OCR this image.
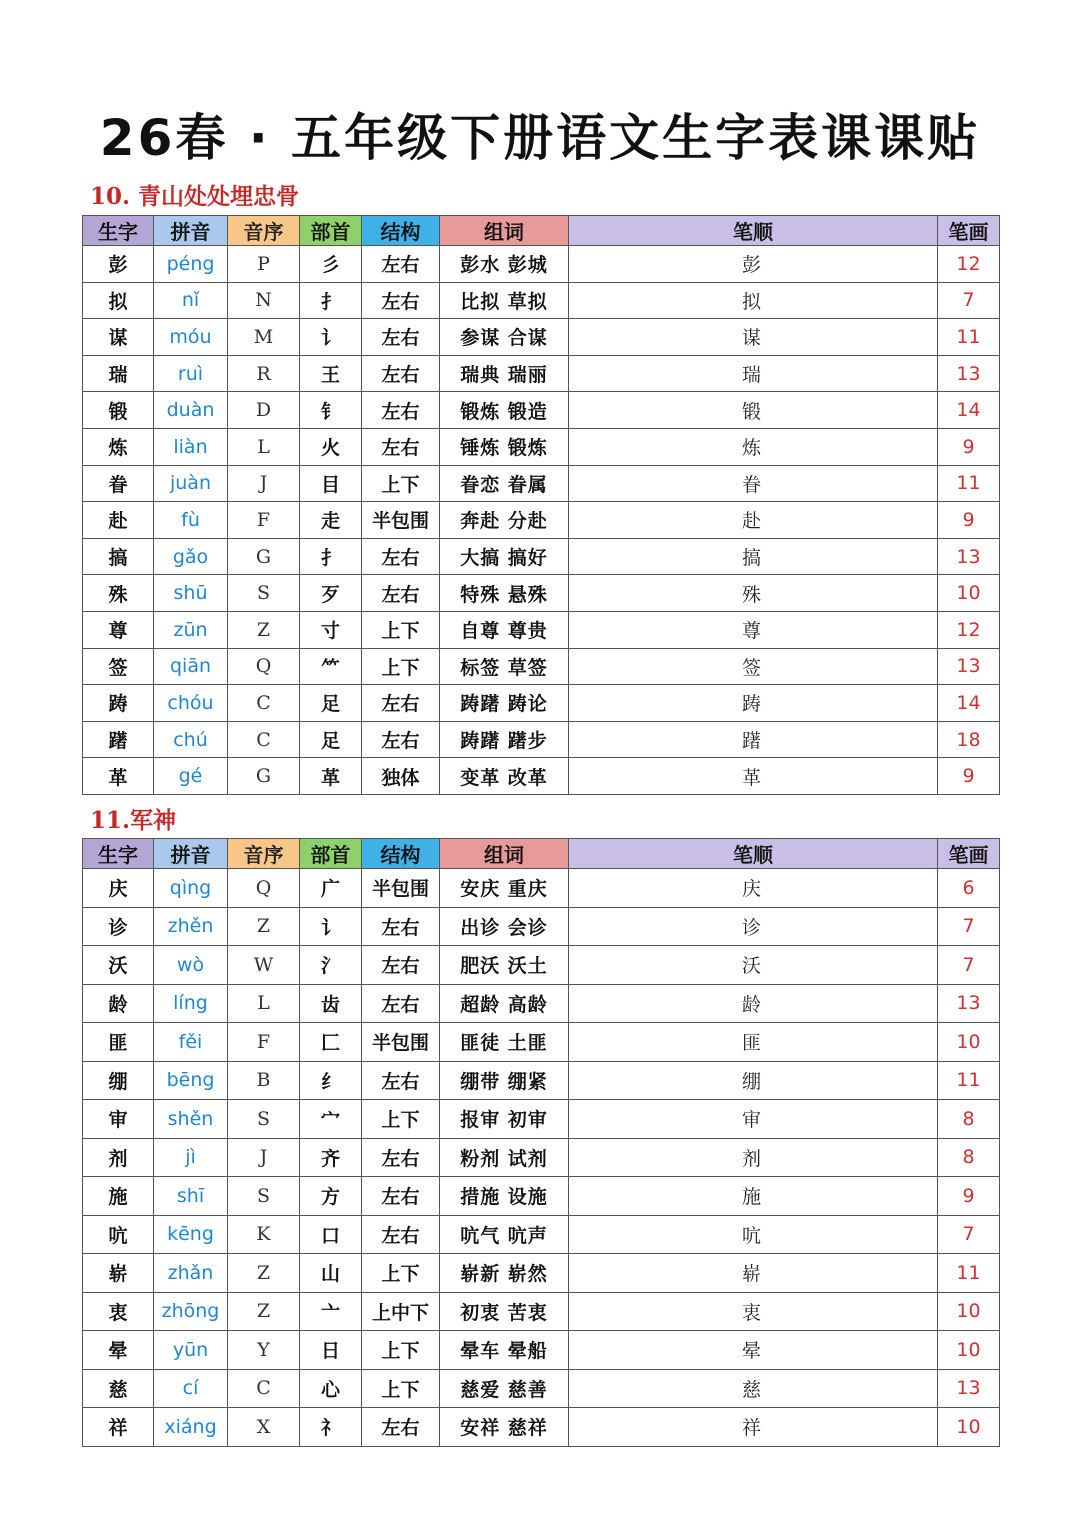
26春 · 五年级下册语文生字表课课贴
10. 青山处处埋忠骨
生字	拼音	音序	部首	结构	组词	笔顺	笔画
彭	péng	P	彡	左右	彭水 彭城	彭	12
拟	nǐ	N	扌	左右	比拟 草拟	拟	7
谋	móu	M	讠	左右	参谋 合谋	谋	11
瑞	ruì	R	王	左右	瑞典 瑞丽	瑞	13
锻	duàn	D	钅	左右	锻炼 锻造	锻	14
炼	liàn	L	火	左右	锤炼 锻炼	炼	9
眷	juàn	J	目	上下	眷恋 眷属	眷	11
赴	fù	F	走	半包围	奔赴 分赴	赴	9
搞	gǎo	G	扌	左右	大搞 搞好	搞	13
殊	shū	S	歹	左右	特殊 悬殊	殊	10
尊	zūn	Z	寸	上下	自尊 尊贵	尊	12
签	qiān	Q	⺮	上下	标签 草签	签	13
踌	chóu	C	足	左右	踌躇 踌论	踌	14
躇	chú	C	足	左右	踌躇 躇步	躇	18
革	gé	G	革	独体	变革 改革	革	9
11.军神
生字	拼音	音序	部首	结构	组词	笔顺	笔画
庆	qìng	Q	广	半包围	安庆 重庆	庆	6
诊	zhěn	Z	讠	左右	出诊 会诊	诊	7
沃	wò	W	氵	左右	肥沃 沃土	沃	7
龄	líng	L	齿	左右	超龄 高龄	龄	13
匪	fěi	F	匚	半包围	匪徒 土匪	匪	10
绷	bēng	B	纟	左右	绷带 绷紧	绷	11
审	shěn	S	宀	上下	报审 初审	审	8
剂	jì	J	齐	左右	粉剂 试剂	剂	8
施	shī	S	方	左右	措施 设施	施	9
吭	kēng	K	口	左右	吭气 吭声	吭	7
崭	zhǎn	Z	山	上下	崭新 崭然	崭	11
衷	zhōng	Z	亠	上中下	初衷 苦衷	衷	10
晕	yūn	Y	日	上下	晕车 晕船	晕	10
慈	cí	C	心	上下	慈爱 慈善	慈	13
祥	xiáng	X	礻	左右	安祥 慈祥	祥	10
